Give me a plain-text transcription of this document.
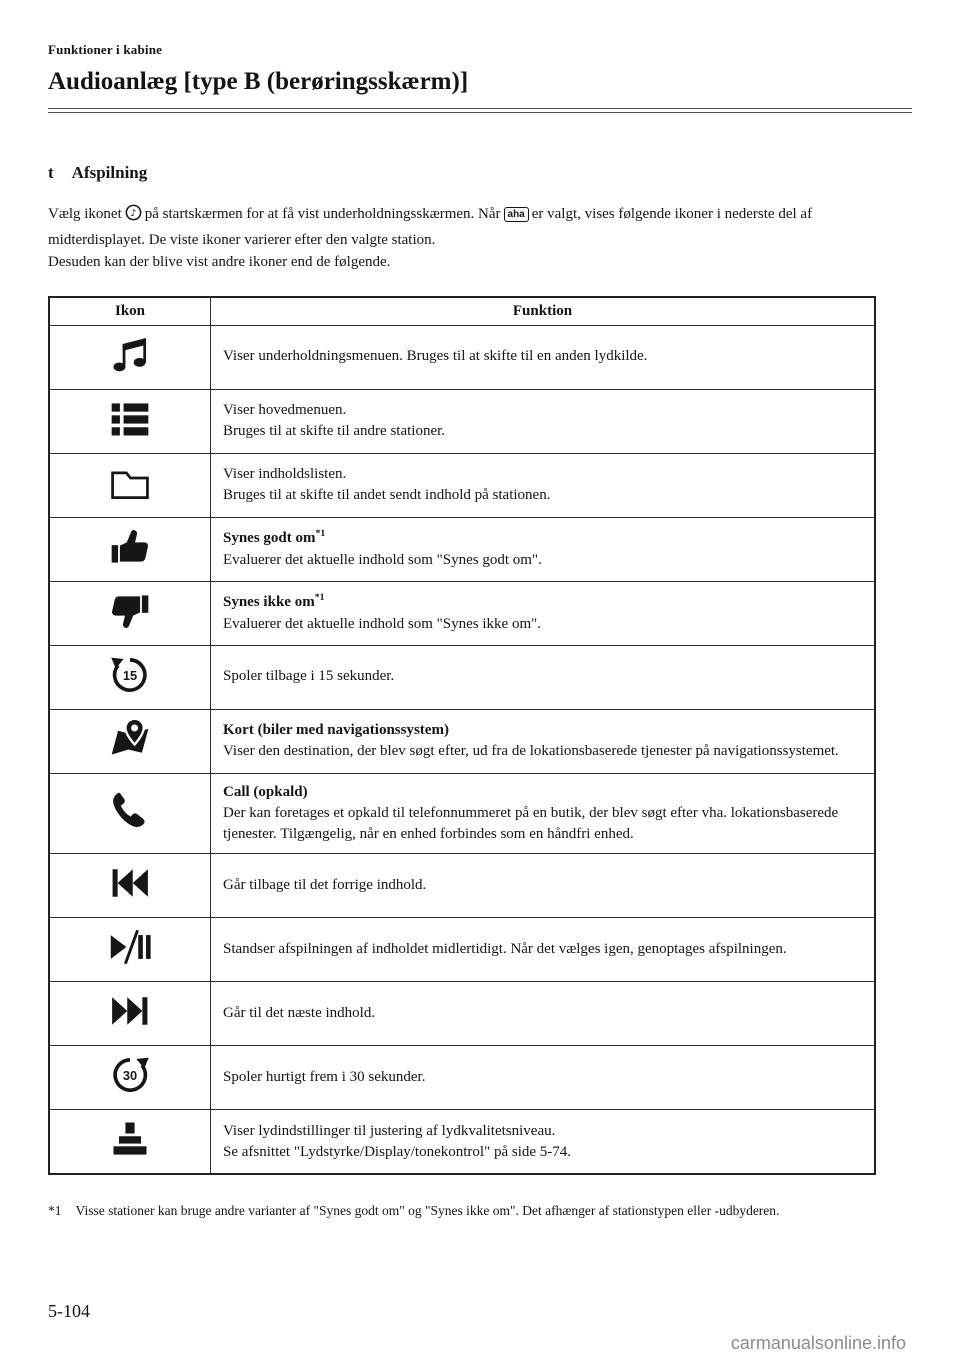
Funktioner i kabine
Audioanlæg [type B (berøringsskærm)]
t Afspilning

Vælg ikonet ♪ på startskærmen for at få vist underholdningsskærmen. Når aha er valgt, vises følgende ikoner i nederste del af midterdisplayet. De viste ikoner varierer efter den valgte station.

Desuden kan der blive vist andre ikoner end de følgende.

Ikon	Funktion

Viser underholdningsmenuen. Bruges til at skifte til en anden lydkilde.

Viser hovedmenuen.
Bruges til at skifte til andre stationer.

Viser indholdslisten.
Bruges til at skifte til andet sendt indhold på stationen.

Synes godt $om^{*1}$
Evaluerer det aktuelle indhold som "Synes godt om".

Synes ikke $om^{*1}$
Evaluerer det aktuelle indhold som "Synes ikke om".

15	Spoler tilbage i 15 sekunder.

Kort (biler med navigationssystem)
Viser den destination, der blev søgt efter, ud fra de lokationsbaserede tjenester på navigationssystemet.

Call (opkald)
Der kan foretages et opkald til telefonnummeret på en butik, der blev søgt efter vha. lokationsbaserede tjenester. Tilgængelig, når en enhed forbindes som en håndfri enhed.

Går tilbage til det forrige indhold.

Standser afspilningen af indholdet midlertidigt. Når det vælges igen, genoptages afspilningen.

Går til det næste indhold.

30	Spoler hurtigt frem i 30 sekunder.

Viser lydindstillinger til justering af lydkvalitetsniveau.
Se afsnittet "Lydstyrke/Display/tonekontrol" på side 5-74.
*1 Visse stationer kan bruge andre varianter af "Synes godt om" og "Synes ikke om". Det afhænger af stationstypen eller -udbyderen.
5-104
carmanualsonline.info
